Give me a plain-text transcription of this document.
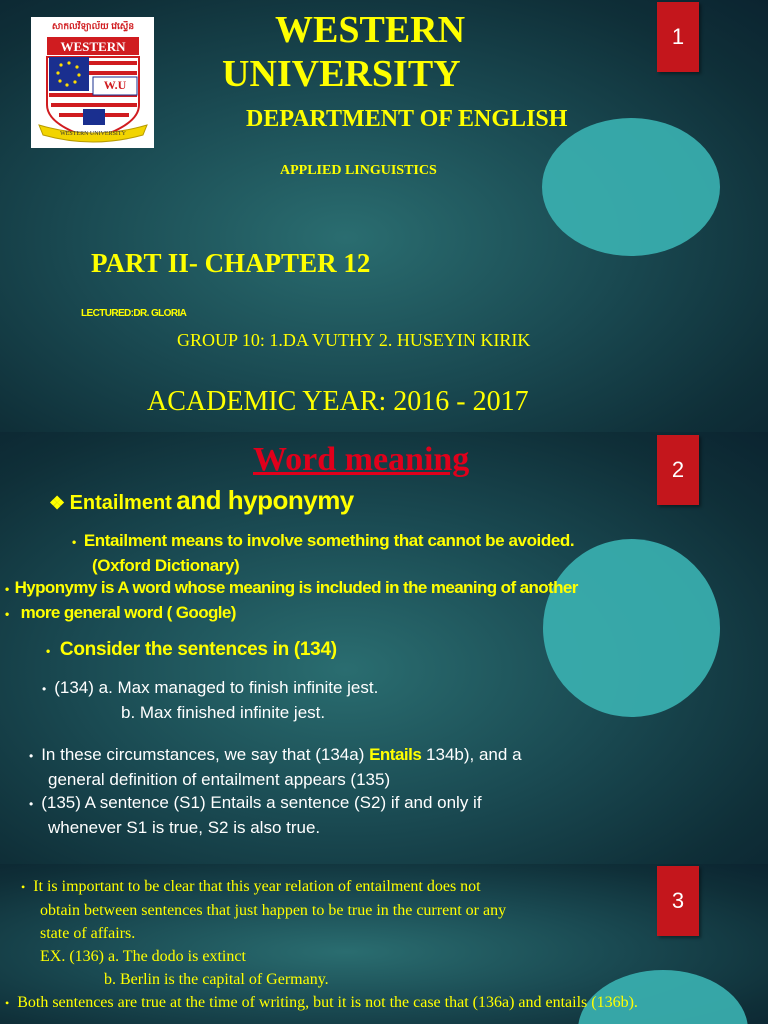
1
សាកលវិទ្យាល័យ វេស្ទើន
WESTERN
W.U
WESTERN UNIVERSITY
WESTERN
UNIVERSITY
DEPARTMENT OF ENGLISH
APPLIED LINGUISTICS
PART II- CHAPTER 12
LECTURED:DR. GLORIA
GROUP 10: 1.DA VUTHY 2. HUSEYIN KIRIK
ACADEMIC YEAR: 2016 - 2017
2
Word meaning
❖ Entailment and hyponymy
• Entailment means to involve something that cannot be avoided.
(Oxford Dictionary)
• Hyponymy is A word whose meaning is included in the meaning of another
• more general word ( Google)
• Consider the sentences in (134)
• (134) a. Max managed to finish infinite jest.
b. Max finished infinite jest.
• In these circumstances, we say that (134a) Entails 134b), and a
general definition of entailment appears (135)
• (135) A sentence (S1) Entails a sentence (S2) if and only if
whenever S1 is true, S2 is also true.
3
• It is important to be clear that this year relation of entailment does not
obtain between sentences that just happen to be true in the current or any
state of affairs.
EX. (136) a. The dodo is extinct
b. Berlin is the capital of Germany.
• Both sentences are true at the time of writing, but it is not the case that (136a) and entails (136b).
